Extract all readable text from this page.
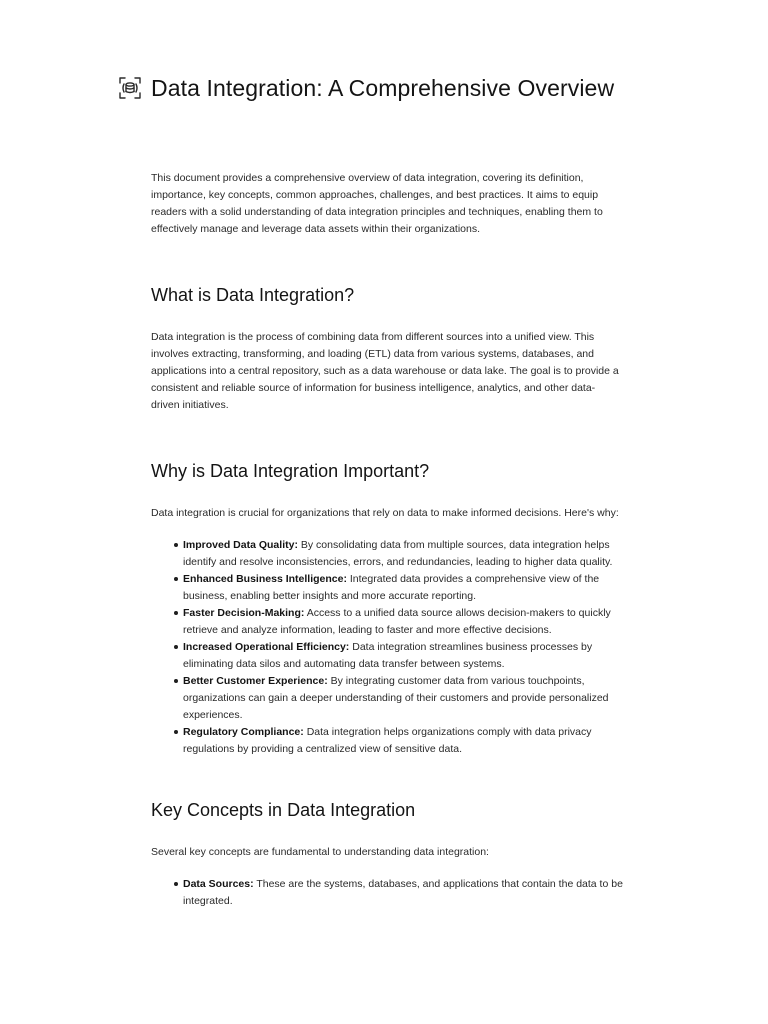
Data Integration: A Comprehensive Overview

This document provides a comprehensive overview of data integration, covering its definition, importance, key concepts, common approaches, challenges, and best practices. It aims to equip readers with a solid understanding of data integration principles and techniques, enabling them to effectively manage and leverage data assets within their organizations.

What is Data Integration?

Data integration is the process of combining data from different sources into a unified view. This involves extracting, transforming, and loading (ETL) data from various systems, databases, and applications into a central repository, such as a data warehouse or data lake. The goal is to provide a consistent and reliable source of information for business intelligence, analytics, and other data-driven initiatives.

Why is Data Integration Important?

Data integration is crucial for organizations that rely on data to make informed decisions. Here's why:

Improved Data Quality: By consolidating data from multiple sources, data integration helps identify and resolve inconsistencies, errors, and redundancies, leading to higher data quality.
Enhanced Business Intelligence: Integrated data provides a comprehensive view of the business, enabling better insights and more accurate reporting.
Faster Decision-Making: Access to a unified data source allows decision-makers to quickly retrieve and analyze information, leading to faster and more effective decisions.
Increased Operational Efficiency: Data integration streamlines business processes by eliminating data silos and automating data transfer between systems.
Better Customer Experience: By integrating customer data from various touchpoints, organizations can gain a deeper understanding of their customers and provide personalized experiences.
Regulatory Compliance: Data integration helps organizations comply with data privacy regulations by providing a centralized view of sensitive data.
Key Concepts in Data Integration

Several key concepts are fundamental to understanding data integration:

Data Sources: These are the systems, databases, and applications that contain the data to be integrated.
